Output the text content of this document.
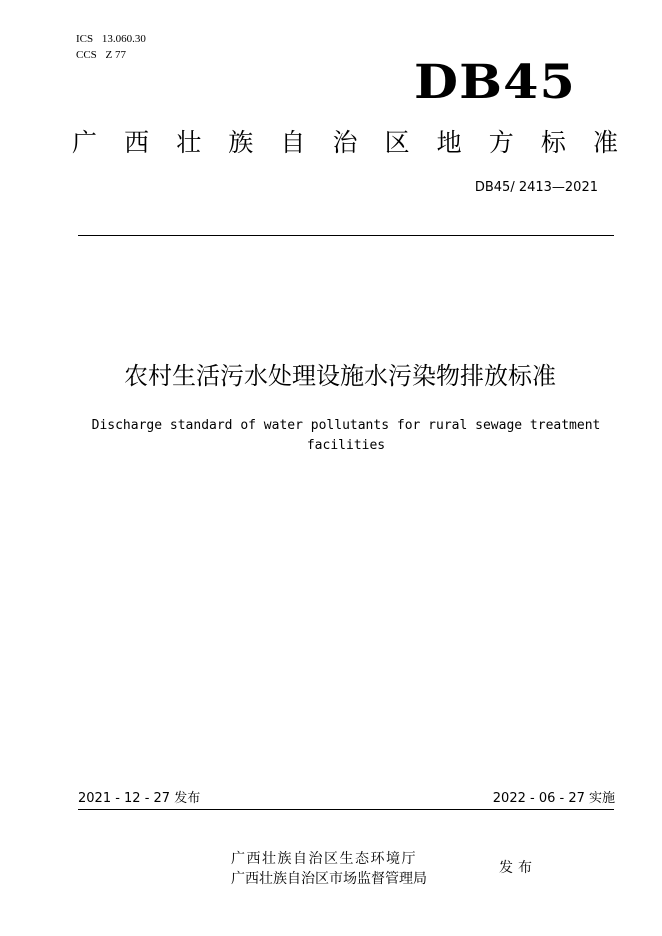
ICS 13.060.30
CCS Z 77	DB45
广 西 壮 族 自 治 区 地 方 标 准
DB45/ 2413—2021
农村生活污水处理设施水污染物排放标准
Discharge standard of water pollutants for rural sewage treatment
facilities
2021 - 12 - 27 发布	2022 - 06 - 27 实施
广西壮族自治区生态环境厅
广西壮族自治区市场监督管理局
发布
